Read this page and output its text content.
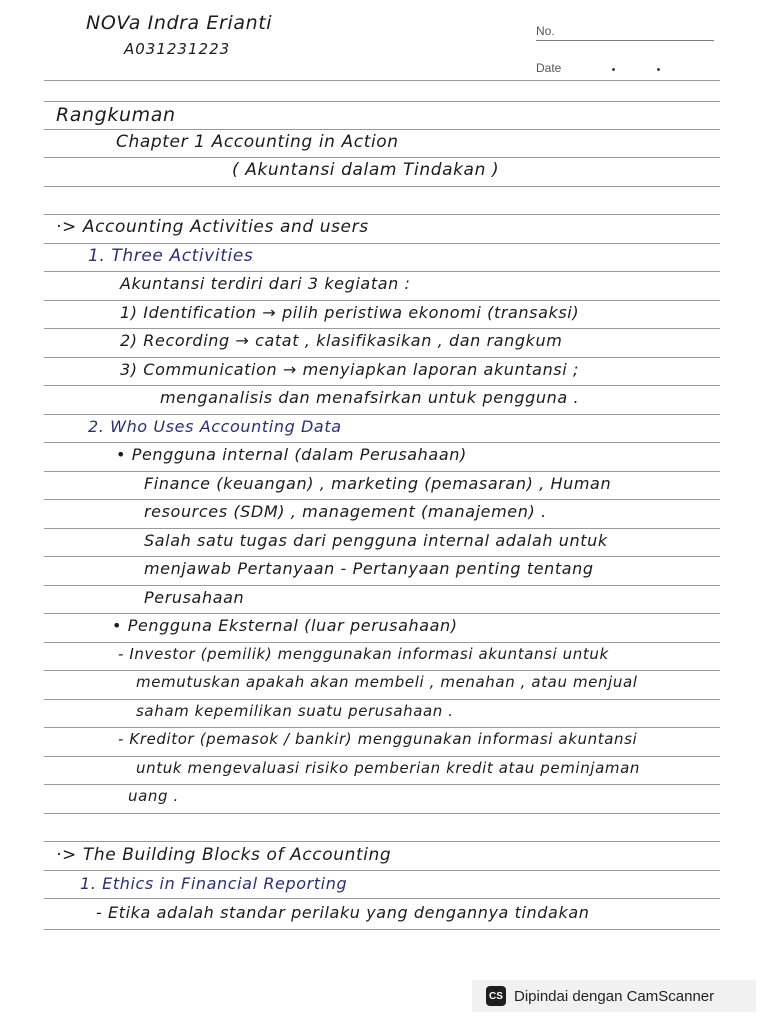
NOVa Indra Erianti
A031231223
No.
Date
Rangkuman
Chapter 1 Accounting in Action
( Akuntansi dalam Tindakan )
·> Accounting Activities and users
1. Three Activities
Akuntansi terdiri dari 3 kegiatan :
1) Identification → pilih peristiwa ekonomi (transaksi)
2) Recording → catat , klasifikasikan , dan rangkum
3) Communication → menyiapkan laporan akuntansi ;
menganalisis dan menafsirkan untuk pengguna .
2. Who Uses Accounting Data
• Pengguna internal (dalam Perusahaan)
Finance (keuangan) , marketing (pemasaran) , Human
resources (SDM) , management (manajemen) .
Salah satu tugas dari pengguna internal adalah untuk
menjawab Pertanyaan - Pertanyaan penting tentang
Perusahaan
• Pengguna Eksternal (luar perusahaan)
- Investor (pemilik) menggunakan informasi akuntansi untuk
memutuskan apakah akan membeli , menahan , atau menjual
saham kepemilikan suatu perusahaan .
- Kreditor (pemasok / bankir) menggunakan informasi akuntansi
untuk mengevaluasi risiko pemberian kredit atau peminjaman
uang .
·> The Building Blocks of Accounting
1. Ethics in Financial Reporting
- Etika adalah standar perilaku yang dengannya tindakan
CS Dipindai dengan CamScanner
